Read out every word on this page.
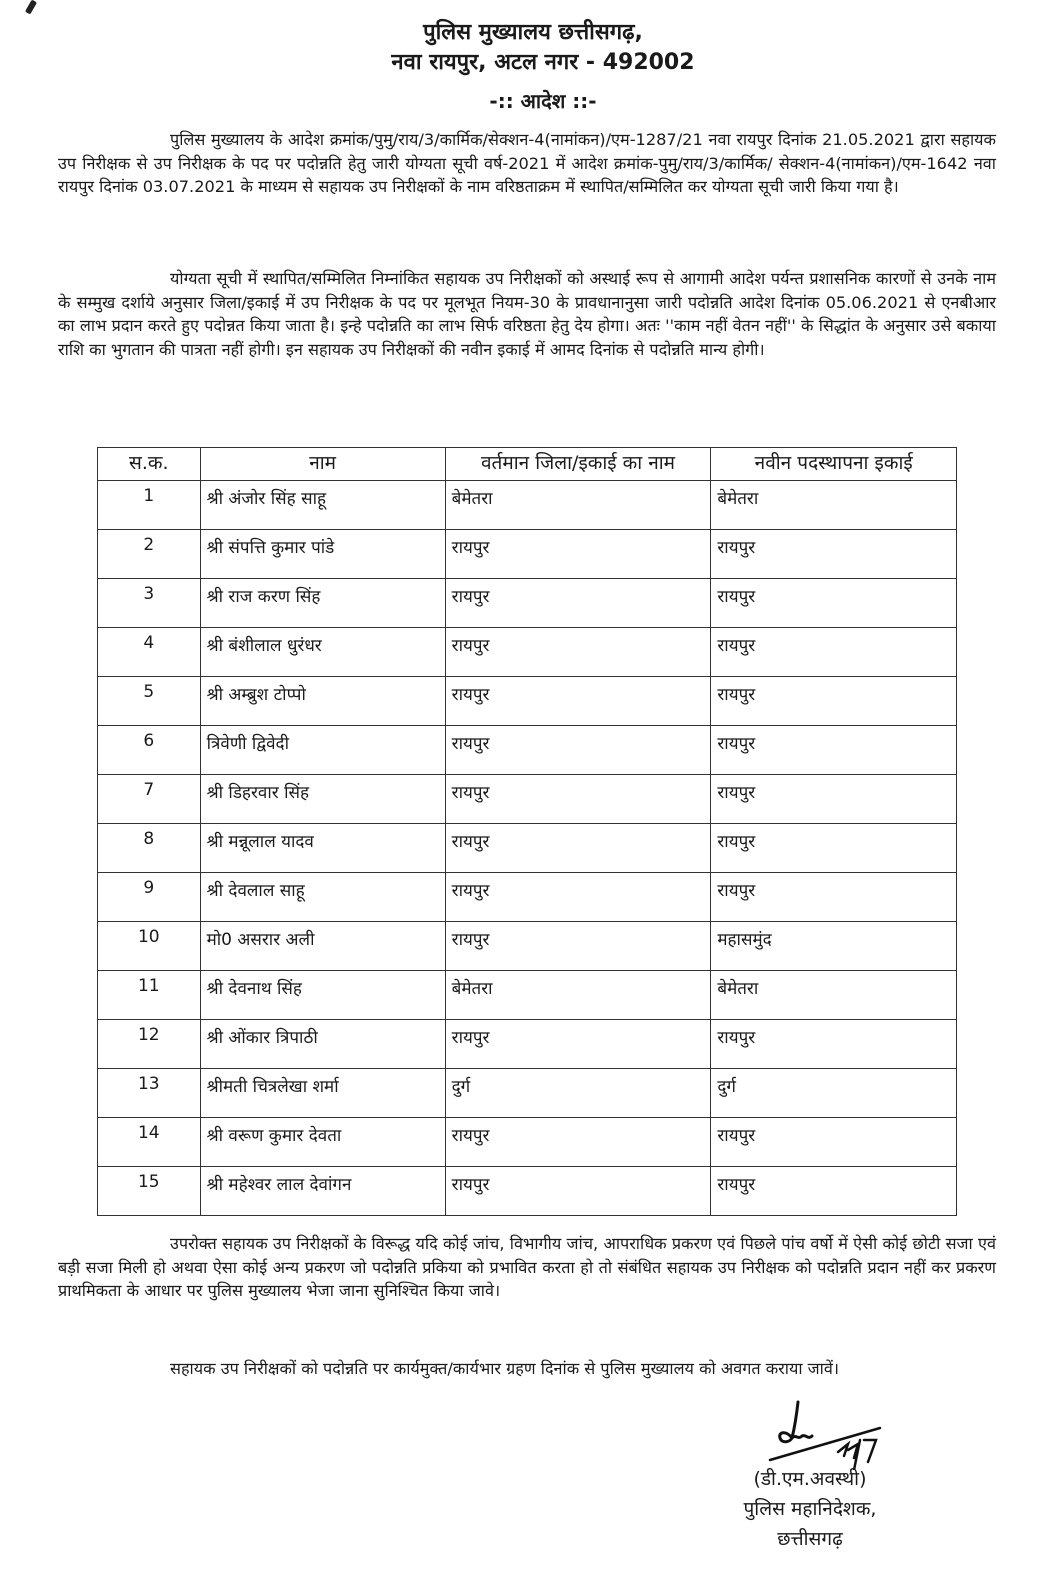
पुलिस मुख्यालय छत्तीसगढ़,
नवा रायपुर, अटल नगर - 492002
-:: आदेश ::-
पुलिस मुख्यालय के आदेश क्रमांक/पुमु/राय/3/कार्मिक/सेक्शन-4(नामांकन)/एम-1287/21 नवा रायपुर दिनांक 21.05.2021 द्वारा सहायक उप निरीक्षक से उप निरीक्षक के पद पर पदोन्नति हेतु जारी योग्यता सूची वर्ष-2021 में आदेश क्रमांक-पुमु/राय/3/कार्मिक/ सेक्शन-4(नामांकन)/एम-1642 नवा रायपुर दिनांक 03.07.2021 के माध्यम से सहायक उप निरीक्षकों के नाम वरिष्ठताक्रम में स्थापित/सम्मिलित कर योग्यता सूची जारी किया गया है।
योग्यता सूची में स्थापित/सम्मिलित निम्नांकित सहायक उप निरीक्षकों को अस्थाई रूप से आगामी आदेश पर्यन्त प्रशासनिक कारणों से उनके नाम के सम्मुख दर्शाये अनुसार जिला/इकाई में उप निरीक्षक के पद पर मूलभूत नियम-30 के प्रावधानानुसा जारी पदोन्नति आदेश दिनांक 05.06.2021 से एनबीआर का लाभ प्रदान करते हुए पदोन्नत किया जाता है। इन्हे पदोन्नति का लाभ सिर्फ वरिष्ठता हेतु देय होगा। अतः ''काम नहीं वेतन नहीं'' के सिद्धांत के अनुसार उसे बकाया राशि का भुगतान की पात्रता नहीं होगी। इन सहायक उप निरीक्षकों की नवीन इकाई में आमद दिनांक से पदोन्नति मान्य होगी।
स.क.	नाम	वर्तमान जिला/इकाई का नाम	नवीन पदस्थापना इकाई
1	श्री अंजोर सिंह साहू	बेमेतरा	बेमेतरा
2	श्री संपत्ति कुमार पांडे	रायपुर	रायपुर
3	श्री राज करण सिंह	रायपुर	रायपुर
4	श्री बंशीलाल धुरंधर	रायपुर	रायपुर
5	श्री अम्ब्रुश टोप्पो	रायपुर	रायपुर
6	त्रिवेणी द्विवेदी	रायपुर	रायपुर
7	श्री डिहरवार सिंह	रायपुर	रायपुर
8	श्री मन्नूलाल यादव	रायपुर	रायपुर
9	श्री देवलाल साहू	रायपुर	रायपुर
10	मो0 असरार अली	रायपुर	महासमुंद
11	श्री देवनाथ सिंह	बेमेतरा	बेमेतरा
12	श्री ओंकार त्रिपाठी	रायपुर	रायपुर
13	श्रीमती चित्रलेखा शर्मा	दुर्ग	दुर्ग
14	श्री वरूण कुमार देवता	रायपुर	रायपुर
15	श्री महेश्वर लाल देवांगन	रायपुर	रायपुर
उपरोक्त सहायक उप निरीक्षकों के विरूद्ध यदि कोई जांच, विभागीय जांच, आपराधिक प्रकरण एवं पिछले पांच वर्षो में ऐसी कोई छोटी सजा एवं बड़ी सजा मिली हो अथवा ऐसा कोई अन्य प्रकरण जो पदोन्नति प्रकिया को प्रभावित करता हो तो संबंधित सहायक उप निरीक्षक को पदोन्नति प्रदान नहीं कर प्रकरण प्राथमिकता के आधार पर पुलिस मुख्यालय भेजा जाना सुनिश्चित किया जावे।
सहायक उप निरीक्षकों को पदोन्नति पर कार्यमुक्त/कार्यभार ग्रहण दिनांक से पुलिस मुख्यालय को अवगत कराया जावें।
(डी.एम.अवस्थी)
पुलिस महानिदेशक,
छत्तीसगढ़
